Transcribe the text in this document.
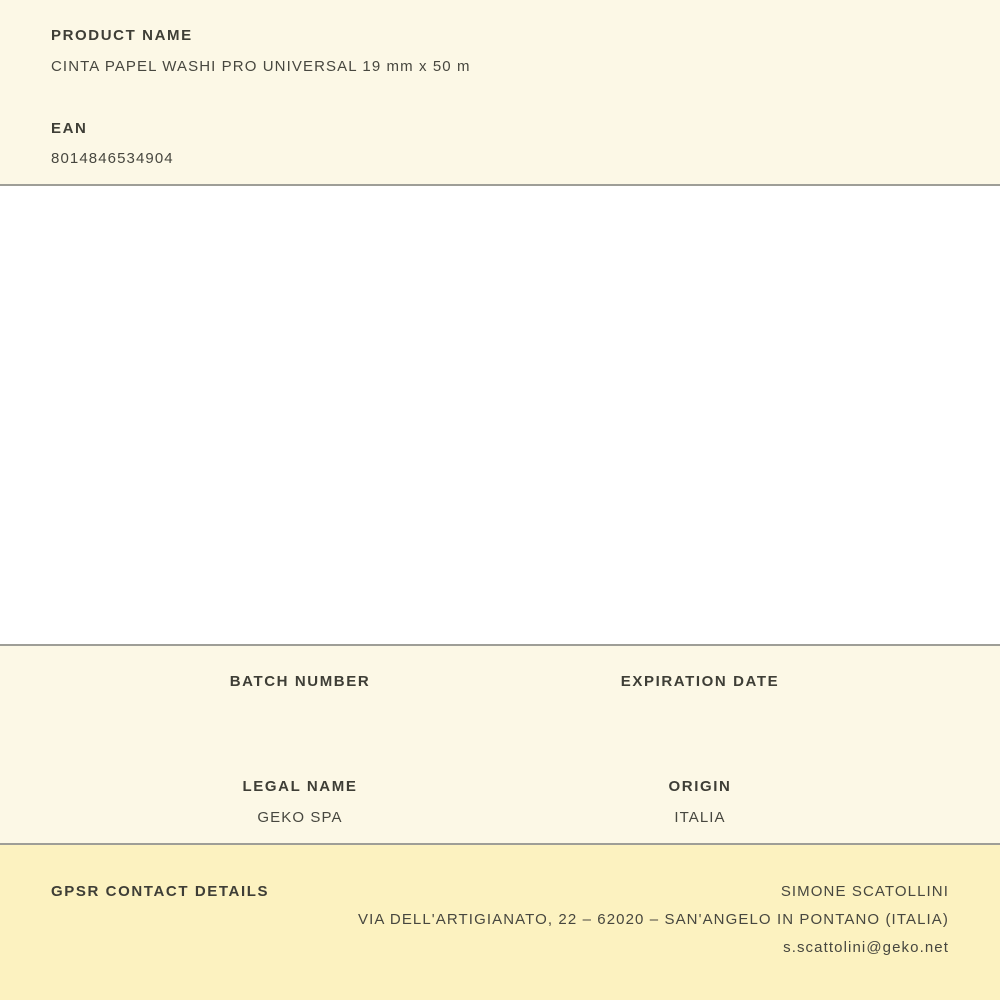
PRODUCT NAME
CINTA PAPEL WASHI PRO UNIVERSAL 19 mm x 50 m
EAN
8014846534904
BATCH NUMBER	EXPIRATION DATE
LEGAL NAME
GEKO SPA
ORIGIN
ITALIA
GPSR CONTACT DETAILS	SIMONE SCATOLLINI
VIA DELL'ARTIGIANATO, 22 – 62020 – SAN'ANGELO IN PONTANO (ITALIA)
s.scattolini@geko.net
